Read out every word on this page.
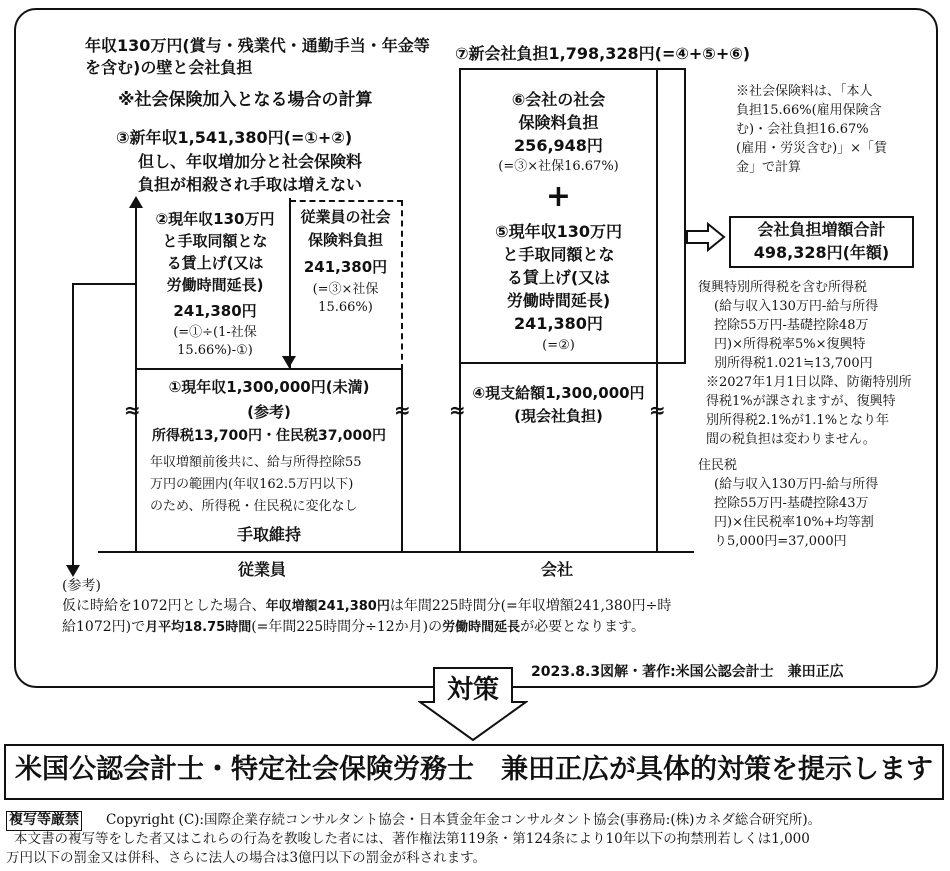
年収130万円(賞与・残業代・通勤手当・年金等
を含む)の壁と会社負担
※社会保険加入となる場合の計算
③新年収1,541,380円(=①+②)
但し、年収増加分と社会保険料
負担が相殺され手取は増えない
②現年収130万円
と手取同額とな
る賃上げ(又は
労働時間延長)
241,380円
(=①÷(1-社保
15.66%)-①)
従業員の社会
保険料負担
241,380円
(=③×社保
15.66%)
①現年収1,300,000円(未満)
(参考)
所得税13,700円・住民税37,000円
年収増額前後共に、給与所得控除55
万円の範囲内(年収162.5万円以下)
のため、所得税・住民税に変化なし
手取維持
≈	≈
⑦新会社負担1,798,328円(=④+⑤+⑥)
⑥会社の社会
保険料負担
256,948円
(=③×社保16.67%)
+
⑤現年収130万円
と手取同額とな
る賃上げ(又は
労働時間延長)
241,380円
(=②)
④現支給額1,300,000円
(現会社負担)
≈	≈
会社負担増額合計
498,328円(年額)
※社会保険料は、「本人
負担15.66%(雇用保険含
む)・会社負担16.67%
(雇用・労災含む)」×「賃
金」で計算
復興特別所得税を含む所得税
(給与収入130万円-給与所得
控除55万円-基礎控除48万
円)×所得税率5%×復興特
別所得税1.021≒13,700円
※2027年1月1日以降、防衛特別所
得税1%が課されますが、復興特
別所得税2.1%が1.1%となり年
間の税負担は変わりません。
住民税
(給与収入130万円-給与所得
控除55万円-基礎控除43万
円)×住民税率10%+均等割
り5,000円=37,000円
従業員	会社
(参考)
仮に時給を1072円とした場合、年収増額241,380円は年間225時間分(=年収増額241,380円÷時
給1072円)で月平均18.75時間(=年間225時間分÷12か月)の労働時間延長が必要となります。
2023.8.3図解・著作:米国公認会計士　兼田正広
対策
米国公認会計士・特定社会保険労務士　兼田正広が具体的対策を提示します
複写等厳禁 Copyright (C):国際企業存続コンサルタント協会・日本賃金年金コンサルタント協会(事務局:(株)カネダ総合研究所)。
本文書の複写等をした者又はこれらの行為を教唆した者には、著作権法第119条・第124条により10年以下の拘禁刑若しくは1,000
万円以下の罰金又は併科、さらに法人の場合は3億円以下の罰金が科されます。
